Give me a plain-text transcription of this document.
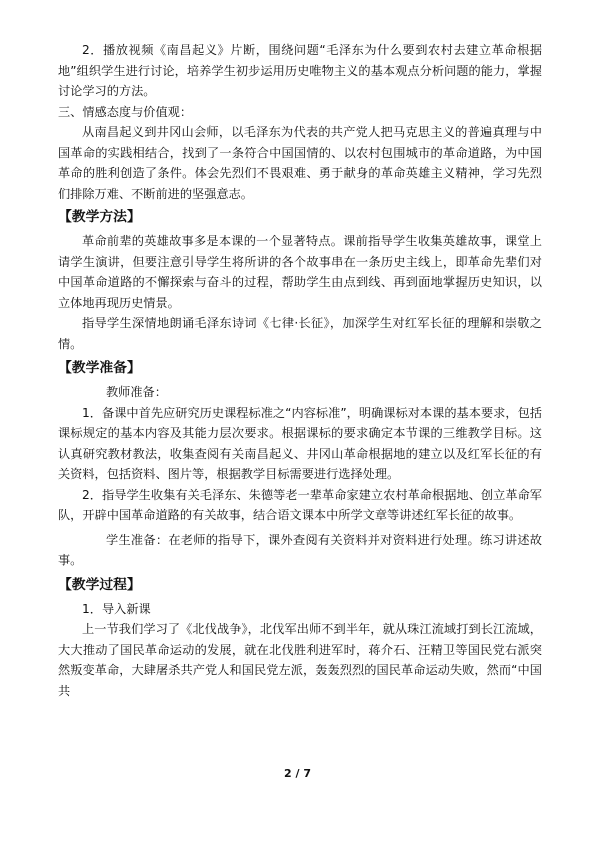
2．播放视频《南昌起义》片断，围绕问题“毛泽东为什么要到农村去建立革命根据地”组织学生进行讨论，培养学生初步运用历史唯物主义的基本观点分析问题的能力，掌握讨论学习的方法。

三、情感态度与价值观：

从南昌起义到井冈山会师，以毛泽东为代表的共产党人把马克思主义的普遍真理与中国革命的实践相结合，找到了一条符合中国国情的、以农村包围城市的革命道路，为中国革命的胜利创造了条件。体会先烈们不畏艰难、勇于献身的革命英雄主义精神，学习先烈们排除万难、不断前进的坚强意志。

【教学方法】

革命前辈的英雄故事多是本课的一个显著特点。课前指导学生收集英雄故事，课堂上请学生演讲，但要注意引导学生将所讲的各个故事串在一条历史主线上，即革命先辈们对中国革命道路的不懈探索与奋斗的过程，帮助学生由点到线、再到面地掌握历史知识，以立体地再现历史情景。

指导学生深情地朗诵毛泽东诗词《七律·长征》，加深学生对红军长征的理解和崇敬之情。

【教学准备】

教师准备：

1．备课中首先应研究历史课程标准之“内容标准”，明确课标对本课的基本要求，包括课标规定的基本内容及其能力层次要求。根据课标的要求确定本节课的三维教学目标。这认真研究教材教法，收集查阅有关南昌起义、井冈山革命根据地的建立以及红军长征的有关资料，包括资料、图片等，根据教学目标需要进行选择处理。

2．指导学生收集有关毛泽东、朱德等老一辈革命家建立农村革命根据地、创立革命军队，开辟中国革命道路的有关故事，结合语文课本中所学文章等讲述红军长征的故事。

学生准备：在老师的指导下，课外查阅有关资料并对资料进行处理。练习讲述故事。

【教学过程】

1．导入新课

上一节我们学习了《北伐战争》，北伐军出师不到半年，就从珠江流域打到长江流域，大大推动了国民革命运动的发展，就在北伐胜利进军时，蒋介石、汪精卫等国民党右派突然叛变革命，大肆屠杀共产党人和国民党左派，轰轰烈烈的国民革命运动失败，然而“中国共

2 / 7
